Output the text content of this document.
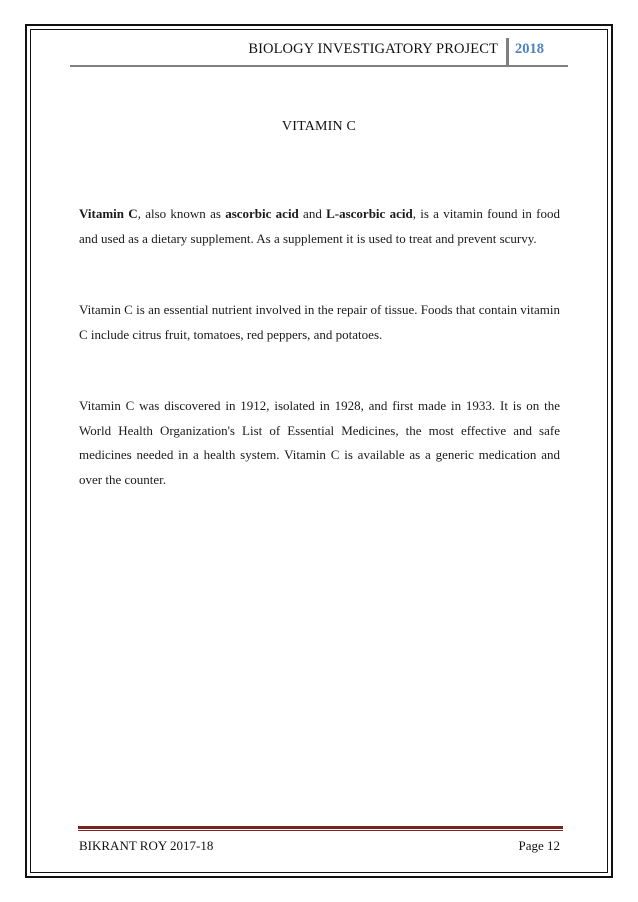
BIOLOGY INVESTIGATORY PROJECT 2018
VITAMIN C

Vitamin C, also known as ascorbic acid and L-ascorbic acid, is a vitamin found in food and used as a dietary supplement. As a supplement it is used to treat and prevent scurvy.

Vitamin C is an essential nutrient involved in the repair of tissue. Foods that contain vitamin C include citrus fruit, tomatoes, red peppers, and potatoes.

Vitamin C was discovered in 1912, isolated in 1928, and first made in 1933. It is on the World Health Organization's List of Essential Medicines, the most effective and safe medicines needed in a health system. Vitamin C is available as a generic medication and over the counter.

BIKRANT ROY 2017-18	Page 12
